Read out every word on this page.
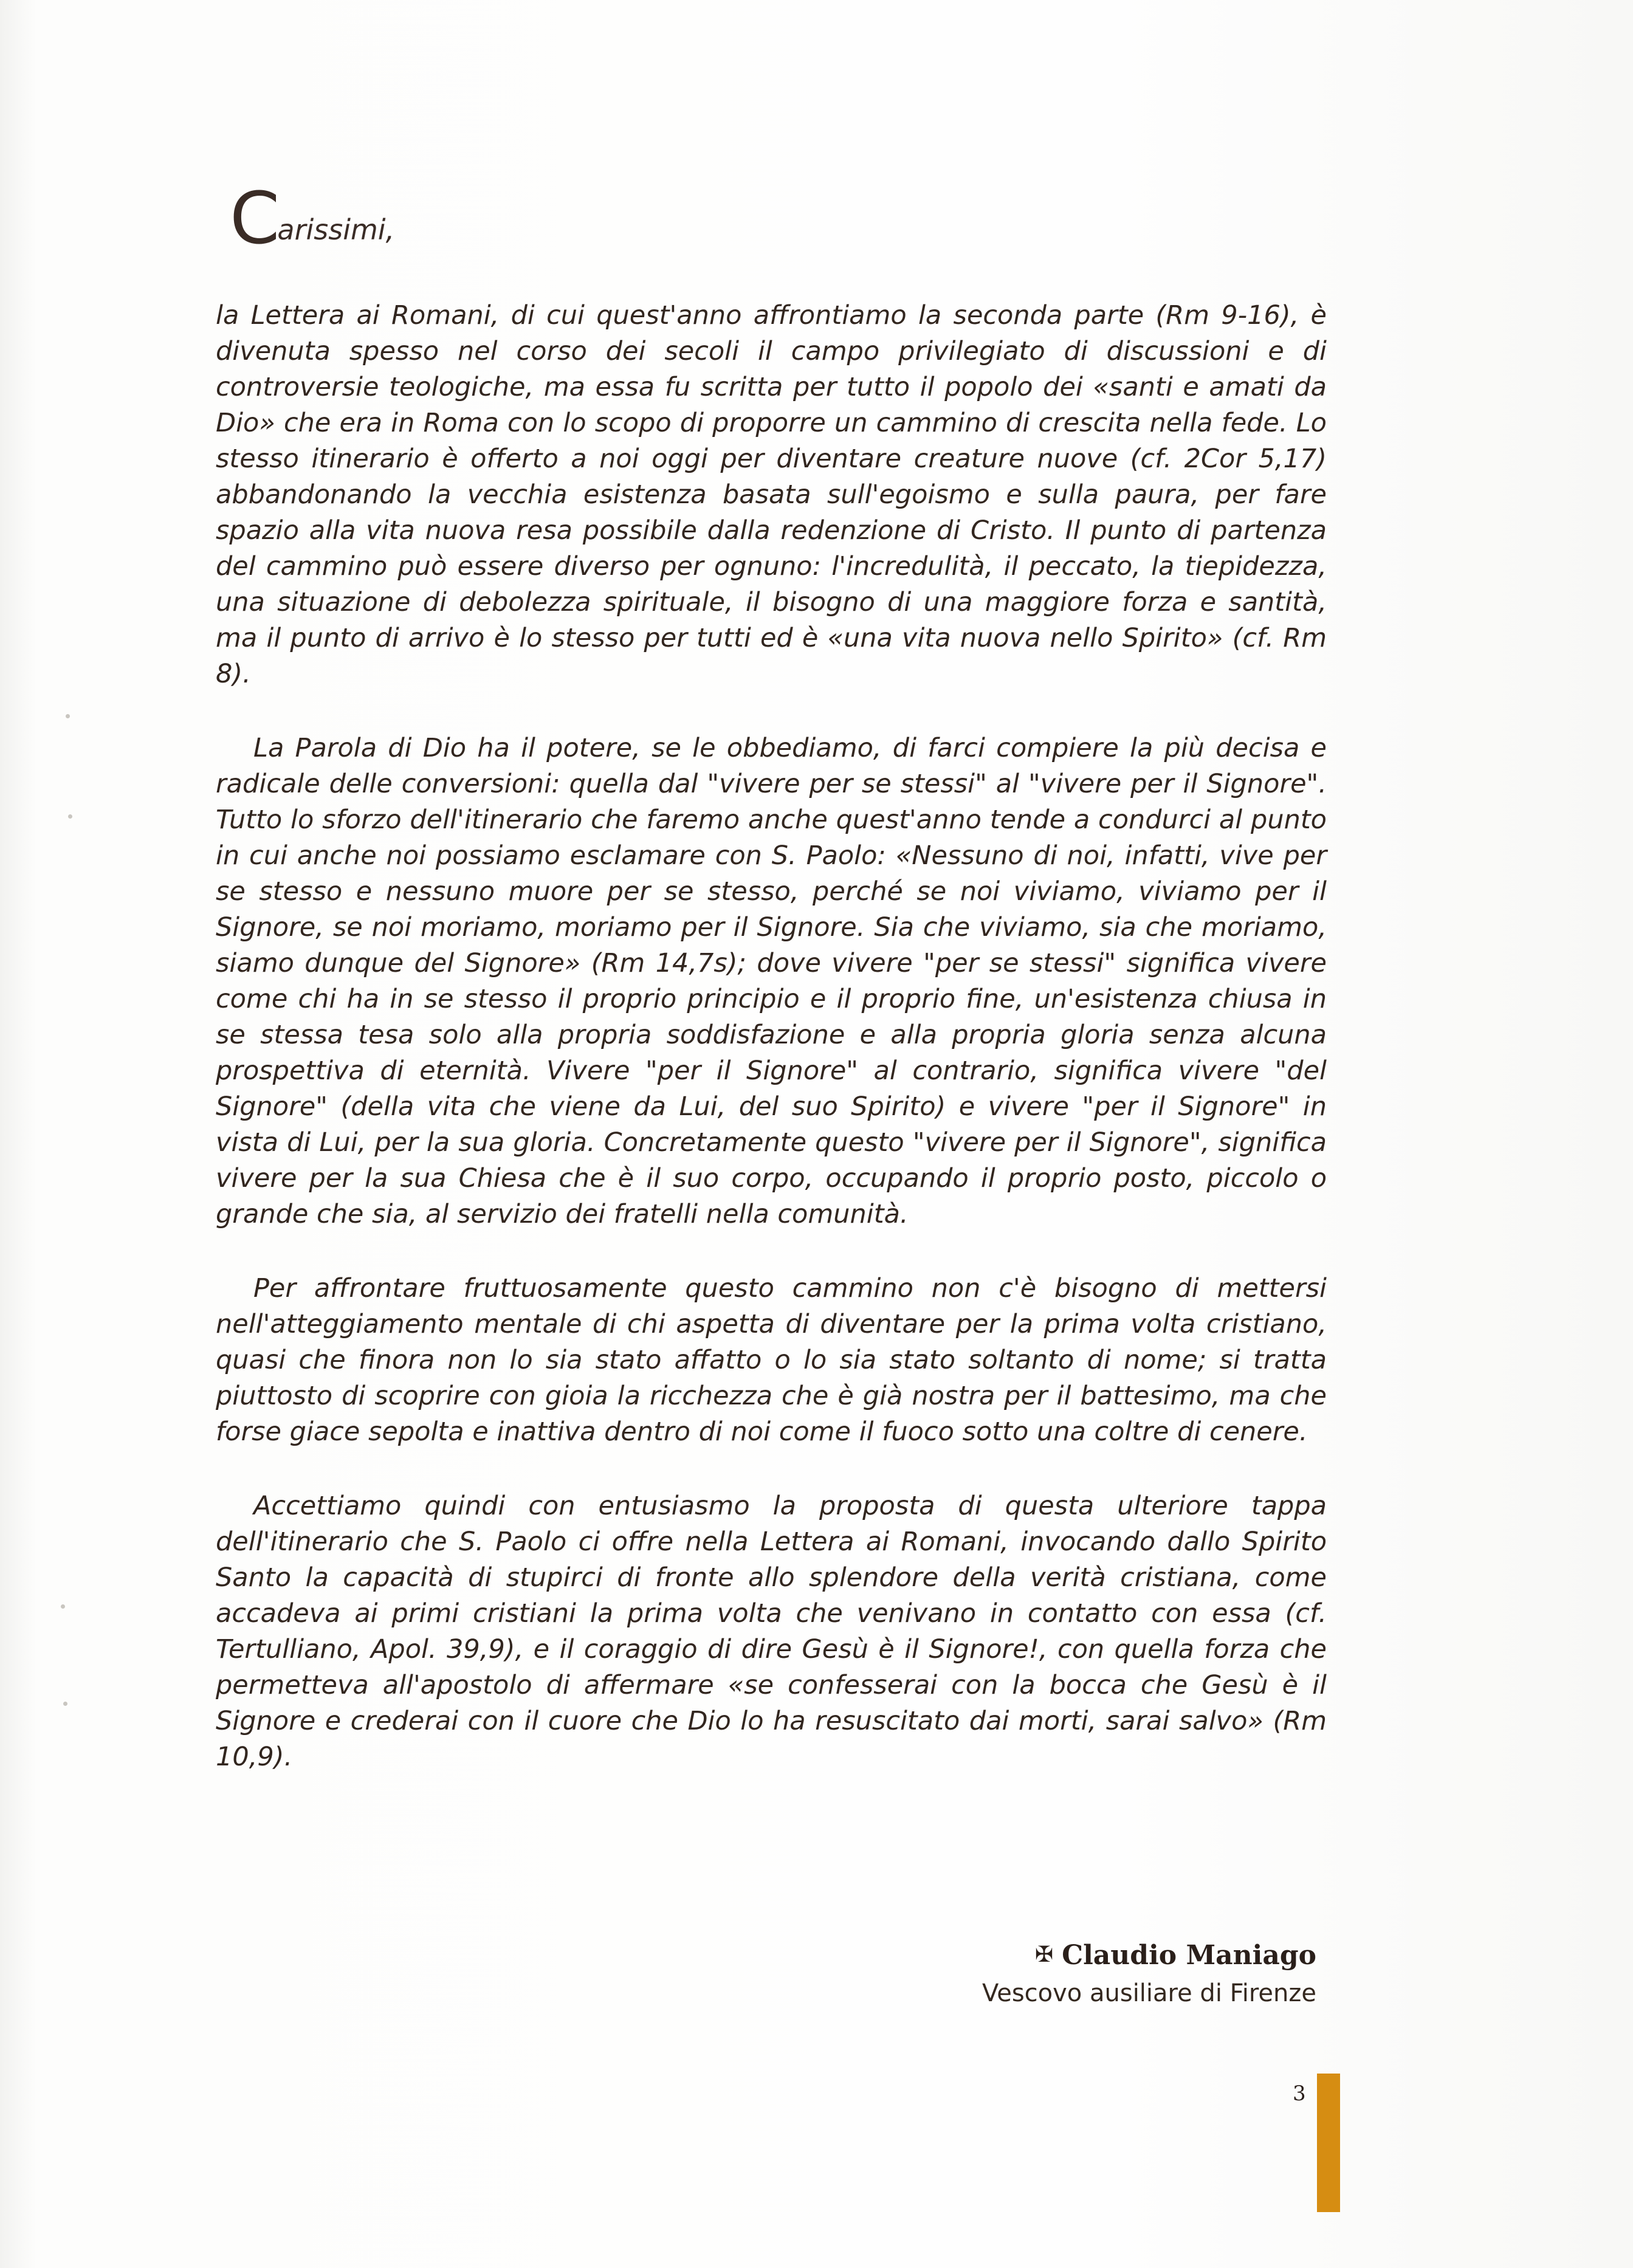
Carissimi,

la Lettera ai Romani, di cui quest'anno affrontiamo la seconda parte (Rm 9-16), è divenuta spesso nel corso dei secoli il campo privilegiato di discussioni e di controversie teologiche, ma essa fu scritta per tutto il popolo dei «santi e amati da Dio» che era in Roma con lo scopo di proporre un cammino di crescita nella fede. Lo stesso itinerario è offerto a noi oggi per diventare creature nuove (cf. 2Cor 5,17) abbandonando la vecchia esistenza basata sull'egoismo e sulla paura, per fare spazio alla vita nuova resa possibile dalla redenzione di Cristo. Il punto di partenza del cammino può essere diverso per ognuno: l'incredulità, il peccato, la tiepidezza, una situazione di debolezza spirituale, il bisogno di una maggiore forza e santità, ma il punto di arrivo è lo stesso per tutti ed è «una vita nuova nello Spirito» (cf. Rm 8).

La Parola di Dio ha il potere, se le obbediamo, di farci compiere la più decisa e radicale delle conversioni: quella dal "vivere per se stessi" al "vivere per il Signore". Tutto lo sforzo dell'itinerario che faremo anche quest'anno tende a condurci al punto in cui anche noi possiamo esclamare con S. Paolo: «Nessuno di noi, infatti, vive per se stesso e nessuno muore per se stesso, perché se noi viviamo, viviamo per il Signore, se noi moriamo, moriamo per il Signore. Sia che viviamo, sia che moriamo, siamo dunque del Signore» (Rm 14,7s); dove vivere "per se stessi" significa vivere come chi ha in se stesso il proprio principio e il proprio fine, un'esistenza chiusa in se stessa tesa solo alla propria soddisfazione e alla propria gloria senza alcuna prospettiva di eternità. Vivere "per il Signore" al contrario, significa vivere "del Signore" (della vita che viene da Lui, del suo Spirito) e vivere "per il Signore" in vista di Lui, per la sua gloria. Concretamente questo "vivere per il Signore", significa vivere per la sua Chiesa che è il suo corpo, occupando il proprio posto, piccolo o grande che sia, al servizio dei fratelli nella comunità.

Per affrontare fruttuosamente questo cammino non c'è bisogno di mettersi nell'atteggiamento mentale di chi aspetta di diventare per la prima volta cristiano, quasi che finora non lo sia stato affatto o lo sia stato soltanto di nome; si tratta piuttosto di scoprire con gioia la ricchezza che è già nostra per il battesimo, ma che forse giace sepolta e inattiva dentro di noi come il fuoco sotto una coltre di cenere.

Accettiamo quindi con entusiasmo la proposta di questa ulteriore tappa dell'itinerario che S. Paolo ci offre nella Lettera ai Romani, invocando dallo Spirito Santo la capacità di stupirci di fronte allo splendore della verità cristiana, come accadeva ai primi cristiani la prima volta che venivano in contatto con essa (cf. Tertulliano, Apol. 39,9), e il coraggio di dire Gesù è il Signore!, con quella forza che permetteva all'apostolo di affermare «se confesserai con la bocca che Gesù è il Signore e crederai con il cuore che Dio lo ha resuscitato dai morti, sarai salvo» (Rm 10,9).

✠ Claudio Maniago
Vescovo ausiliare di Firenze
3
